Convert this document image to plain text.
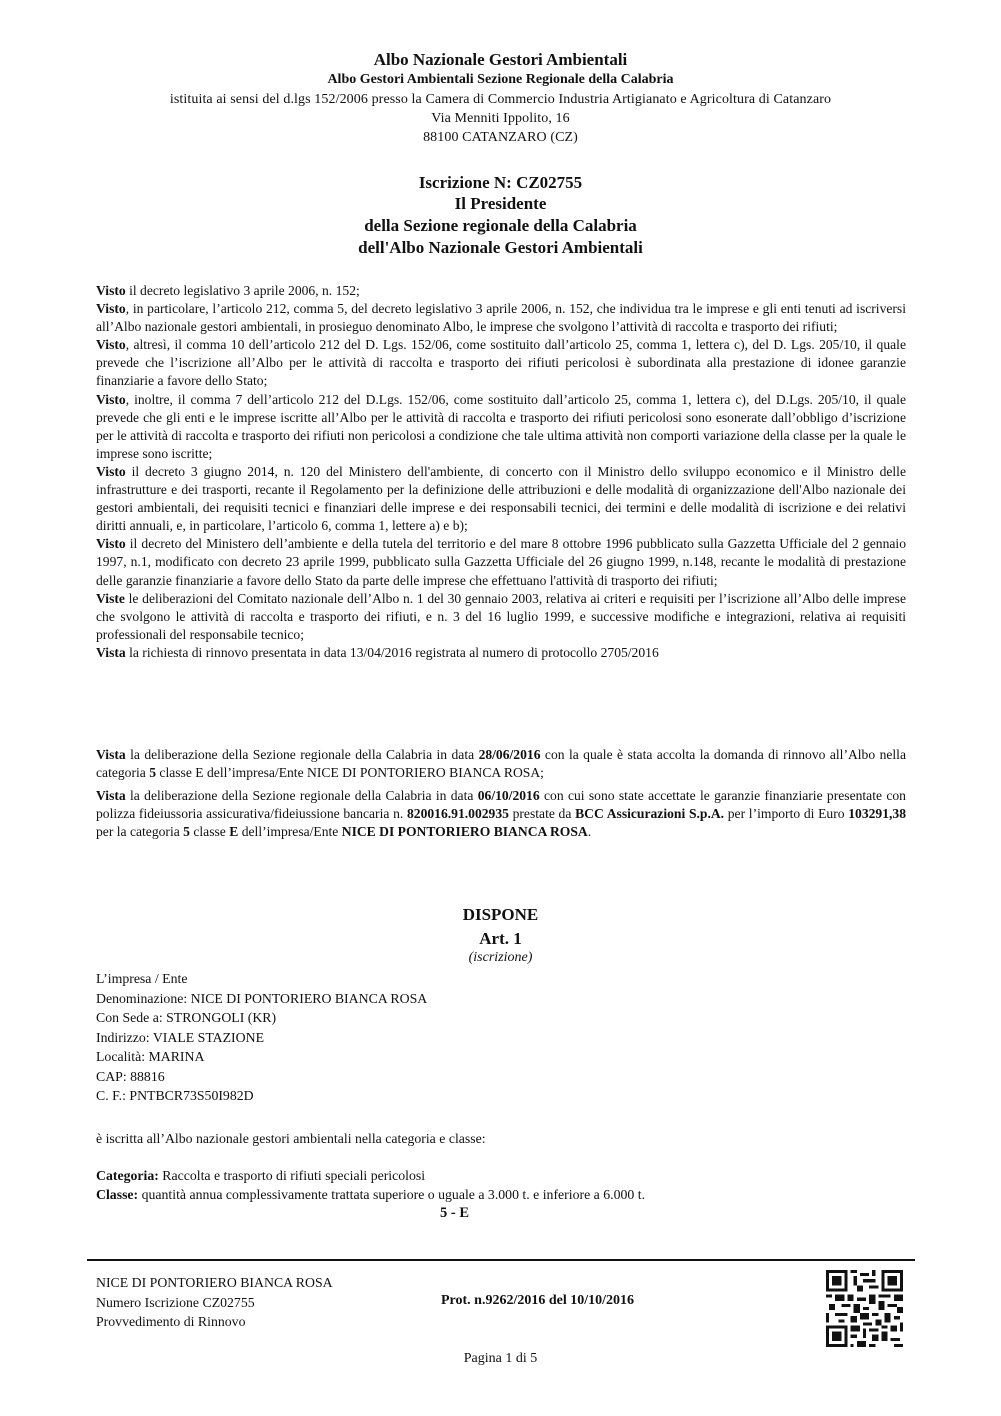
Albo Nazionale Gestori Ambientali
Albo Gestori Ambientali Sezione Regionale della Calabria
istituita ai sensi del d.lgs 152/2006 presso la Camera di Commercio Industria Artigianato e Agricoltura di Catanzaro
Via Menniti Ippolito, 16
88100 CATANZARO (CZ)
Iscrizione N: CZ02755
Il Presidente
della Sezione regionale della Calabria
dell'Albo Nazionale Gestori Ambientali

Visto il decreto legislativo 3 aprile 2006, n. 152;

Visto, in particolare, l’articolo 212, comma 5, del decreto legislativo 3 aprile 2006, n. 152, che individua tra le imprese e gli enti tenuti ad iscriversi all’Albo nazionale gestori ambientali, in prosieguo denominato Albo, le imprese che svolgono l’attività di raccolta e trasporto dei rifiuti;

Visto, altresì, il comma 10 dell’articolo 212 del D. Lgs. 152/06, come sostituito dall’articolo 25, comma 1, lettera c), del D. Lgs. 205/10, il quale prevede che l’iscrizione all’Albo per le attività di raccolta e trasporto dei rifiuti pericolosi è subordinata alla prestazione di idonee garanzie finanziarie a favore dello Stato;

Visto, inoltre, il comma 7 dell’articolo 212 del D.Lgs. 152/06, come sostituito dall’articolo 25, comma 1, lettera c), del D.Lgs. 205/10, il quale prevede che gli enti e le imprese iscritte all’Albo per le attività di raccolta e trasporto dei rifiuti pericolosi sono esonerate dall’obbligo d’iscrizione per le attività di raccolta e trasporto dei rifiuti non pericolosi a condizione che tale ultima attività non comporti variazione della classe per la quale le imprese sono iscritte;

Visto il decreto 3 giugno 2014, n. 120 del Ministero dell'ambiente, di concerto con il Ministro dello sviluppo economico e il Ministro delle infrastrutture e dei trasporti, recante il Regolamento per la definizione delle attribuzioni e delle modalità di organizzazione dell'Albo nazionale dei gestori ambientali, dei requisiti tecnici e finanziari delle imprese e dei responsabili tecnici, dei termini e delle modalità di iscrizione e dei relativi diritti annuali, e, in particolare, l’articolo 6, comma 1, lettere a) e b);

Visto il decreto del Ministero dell’ambiente e della tutela del territorio e del mare 8 ottobre 1996 pubblicato sulla Gazzetta Ufficiale del 2 gennaio 1997, n.1, modificato con decreto 23 aprile 1999, pubblicato sulla Gazzetta Ufficiale del 26 giugno 1999, n.148, recante le modalità di prestazione delle garanzie finanziarie a favore dello Stato da parte delle imprese che effettuano l'attività di trasporto dei rifiuti;

Viste le deliberazioni del Comitato nazionale dell’Albo n. 1 del 30 gennaio 2003, relativa ai criteri e requisiti per l’iscrizione all’Albo delle imprese che svolgono le attività di raccolta e trasporto dei rifiuti, e n. 3 del 16 luglio 1999, e successive modifiche e integrazioni, relativa ai requisiti professionali del responsabile tecnico;

Vista la richiesta di rinnovo presentata in data 13/04/2016 registrata al numero di protocollo 2705/2016

Vista la deliberazione della Sezione regionale della Calabria in data 28/06/2016 con la quale è stata accolta la domanda di rinnovo all’Albo nella categoria 5 classe E dell’impresa/Ente NICE DI PONTORIERO BIANCA ROSA;

Vista la deliberazione della Sezione regionale della Calabria in data 06/10/2016 con cui sono state accettate le garanzie finanziarie presentate con polizza fideiussoria assicurativa/fideiussione bancaria n. 820016.91.002935 prestate da BCC Assicurazioni S.p.A. per l’importo di Euro 103291,38 per la categoria 5 classe E dell’impresa/Ente NICE DI PONTORIERO BIANCA ROSA.

DISPONE
Art. 1
(iscrizione)
L’impresa / Ente
Denominazione: NICE DI PONTORIERO BIANCA ROSA
Con Sede a: STRONGOLI (KR)
Indirizzo: VIALE STAZIONE
Località: MARINA
CAP: 88816
C. F.: PNTBCR73S50I982D
è iscritta all’Albo nazionale gestori ambientali nella categoria e classe:
Categoria: Raccolta e trasporto di rifiuti speciali pericolosi
Classe: quantità annua complessivamente trattata superiore o uguale a 3.000 t. e inferiore a 6.000 t.
5 - E
NICE DI PONTORIERO BIANCA ROSA
Numero Iscrizione CZ02755
Provvedimento di Rinnovo
Prot. n.9262/2016 del 10/10/2016
Pagina 1 di 5
